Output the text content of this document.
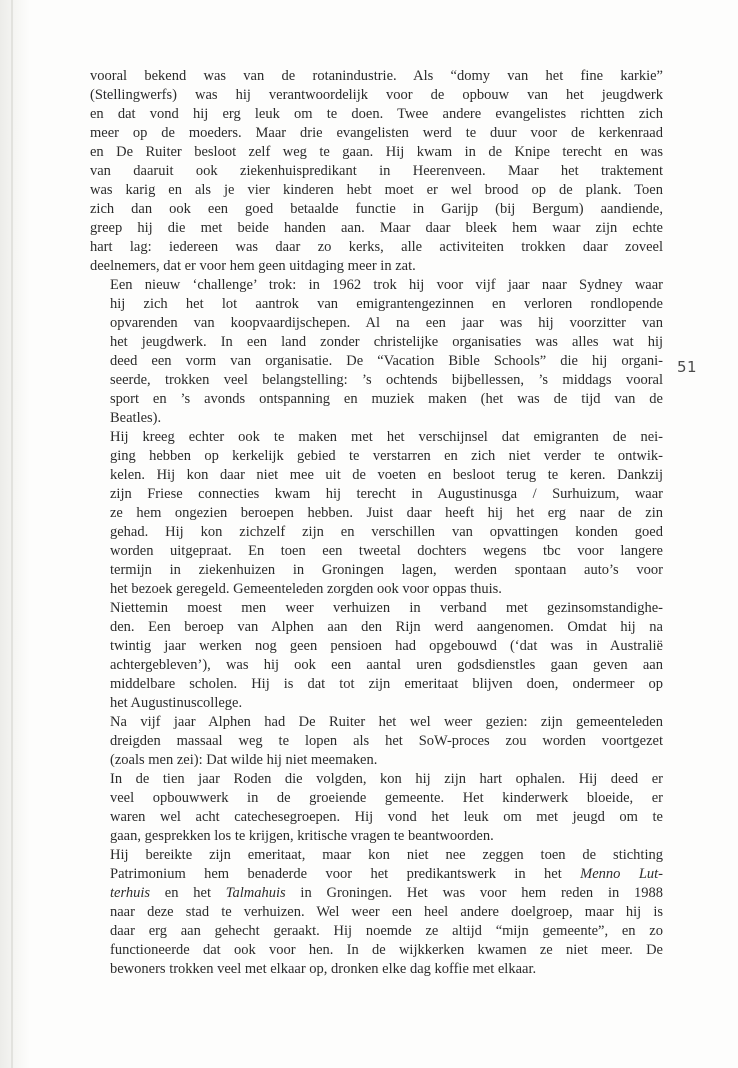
vooral bekend was van de rotanindustrie. Als “domy van het fine karkie”
(Stellingwerfs) was hij verantwoordelijk voor de opbouw van het jeugdwerk
en dat vond hij erg leuk om te doen. Twee andere evangelistes richtten zich
meer op de moeders. Maar drie evangelisten werd te duur voor de kerkenraad
en De Ruiter besloot zelf weg te gaan. Hij kwam in de Knipe terecht en was
van daaruit ook ziekenhuispredikant in Heerenveen. Maar het traktement
was karig en als je vier kinderen hebt moet er wel brood op de plank. Toen
zich dan ook een goed betaalde functie in Garijp (bij Bergum) aandiende,
greep hij die met beide handen aan. Maar daar bleek hem waar zijn echte
hart lag: iedereen was daar zo kerks, alle activiteiten trokken daar zoveel
deelnemers, dat er voor hem geen uitdaging meer in zat.

Een nieuw ‘challenge’ trok: in 1962 trok hij voor vijf jaar naar Sydney waar
hij zich het lot aantrok van emigrantengezinnen en verloren rondlopende
opvarenden van koopvaardijschepen. Al na een jaar was hij voorzitter van
het jeugdwerk. In een land zonder christelijke organisaties was alles wat hij
deed een vorm van organisatie. De “Vacation Bible Schools” die hij organi-
seerde, trokken veel belangstelling: ’s ochtends bijbellessen, ’s middags vooral
sport en ’s avonds ontspanning en muziek maken (het was de tijd van de
Beatles).

Hij kreeg echter ook te maken met het verschijnsel dat emigranten de nei-
ging hebben op kerkelijk gebied te verstarren en zich niet verder te ontwik-
kelen. Hij kon daar niet mee uit de voeten en besloot terug te keren. Dankzij
zijn Friese connecties kwam hij terecht in Augustinusga / Surhuizum, waar
ze hem ongezien beroepen hebben. Juist daar heeft hij het erg naar de zin
gehad. Hij kon zichzelf zijn en verschillen van opvattingen konden goed
worden uitgepraat. En toen een tweetal dochters wegens tbc voor langere
termijn in ziekenhuizen in Groningen lagen, werden spontaan auto’s voor
het bezoek geregeld. Gemeenteleden zorgden ook voor oppas thuis.

Niettemin moest men weer verhuizen in verband met gezinsomstandighe-
den. Een beroep van Alphen aan den Rijn werd aangenomen. Omdat hij na
twintig jaar werken nog geen pensioen had opgebouwd (‘dat was in Australië
achtergebleven’), was hij ook een aantal uren godsdienstles gaan geven aan
middelbare scholen. Hij is dat tot zijn emeritaat blijven doen, ondermeer op
het Augustinuscollege.

Na vijf jaar Alphen had De Ruiter het wel weer gezien: zijn gemeenteleden
dreigden massaal weg te lopen als het SoW-proces zou worden voortgezet
(zoals men zei): Dat wilde hij niet meemaken.

In de tien jaar Roden die volgden, kon hij zijn hart ophalen. Hij deed er
veel opbouwwerk in de groeiende gemeente. Het kinderwerk bloeide, er
waren wel acht catechesegroepen. Hij vond het leuk om met jeugd om te
gaan, gesprekken los te krijgen, kritische vragen te beantwoorden.

Hij bereikte zijn emeritaat, maar kon niet nee zeggen toen de stichting
Patrimonium hem benaderde voor het predikantswerk in het Menno Lut-
terhuis en het Talmahuis in Groningen. Het was voor hem reden in 1988
naar deze stad te verhuizen. Wel weer een heel andere doelgroep, maar hij is
daar erg aan gehecht geraakt. Hij noemde ze altijd “mijn gemeente”, en zo
functioneerde dat ook voor hen. In de wijkkerken kwamen ze niet meer. De
bewoners trokken veel met elkaar op, dronken elke dag koffie met elkaar.

51
